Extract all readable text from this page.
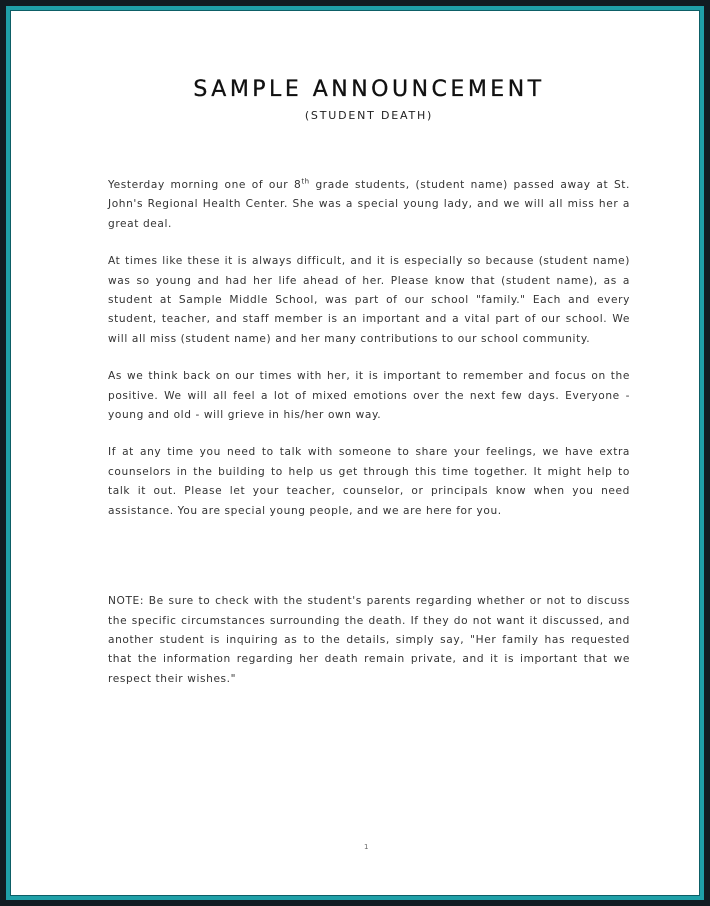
SAMPLE ANNOUNCEMENT
(STUDENT DEATH)

Yesterday morning one of our 8th grade students, (student name) passed away at St. John's Regional Health Center. She was a special young lady, and we will all miss her a great deal.

At times like these it is always difficult, and it is especially so because (student name) was so young and had her life ahead of her. Please know that (student name), as a student at Sample Middle School, was part of our school "family." Each and every student, teacher, and staff member is an important and a vital part of our school. We will all miss (student name) and her many contributions to our school community.

As we think back on our times with her, it is important to remember and focus on the positive. We will all feel a lot of mixed emotions over the next few days. Everyone - young and old - will grieve in his/her own way.

If at any time you need to talk with someone to share your feelings, we have extra counselors in the building to help us get through this time together. It might help to talk it out. Please let your teacher, counselor, or principals know when you need assistance. You are special young people, and we are here for you.

NOTE: Be sure to check with the student's parents regarding whether or not to discuss the specific circumstances surrounding the death. If they do not want it discussed, and another student is inquiring as to the details, simply say, "Her family has requested that the information regarding her death remain private, and it is important that we respect their wishes."

1
